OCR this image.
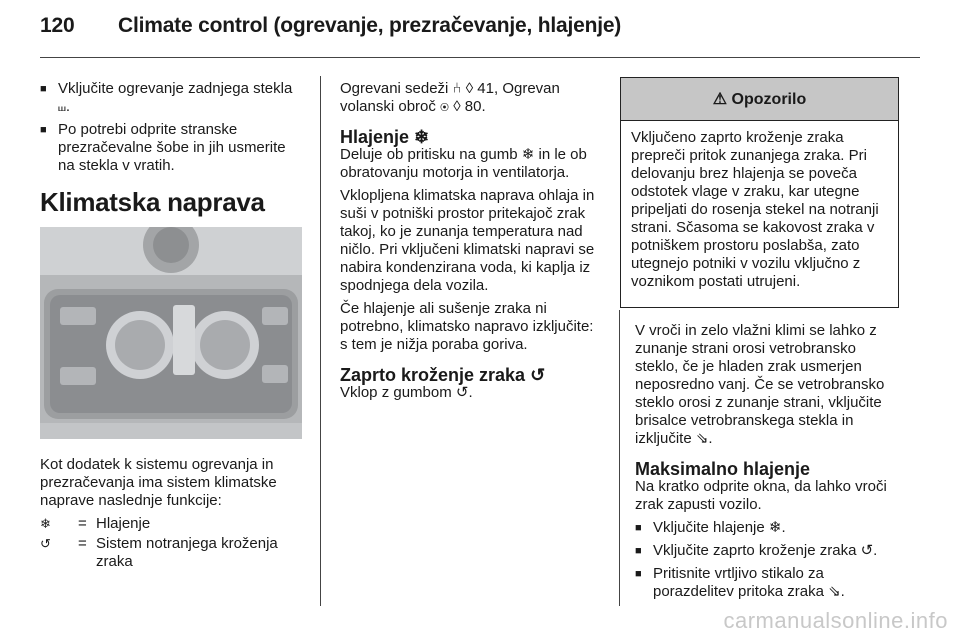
120 Climate control (ogrevanje, prezračevanje, hlajenje)
■ Vključite ogrevanje zadnjega stekla ⧢.
■ Po potrebi odprite stranske prezračevalne šobe in jih usmerite na stekla v vratih.
Klimatska naprava

Kot dodatek k sistemu ogrevanja in prezračevanja ima sistem klimatske naprave naslednje funkcije:

❄	= Hlajenje
↺	= Sistem notranjega kroženja zraka

Ogrevani sedeži ⑃ ◊ 41, Ogrevan volanski obroč ◉ ◊ 80.

Hlajenje ❄

Deluje ob pritisku na gumb ❄ in le ob obratovanju motorja in ventilatorja.

Vklopljena klimatska naprava ohlaja in suši v potniški prostor pritekajoč zrak takoj, ko je zunanja temperatura nad ničlo. Pri vključeni klimatski napravi se nabira kondenzirana voda, ki kaplja iz spodnjega dela vozila.

Če hlajenje ali sušenje zraka ni potrebno, klimatsko napravo izključite: s tem je nižja poraba goriva.

Zaprto kroženje zraka ↺

Vklop z gumbom ↺.

⚠ Opozorilo
Vključeno zaprto kroženje zraka prepreči pritok zunanjega zraka. Pri delovanju brez hlajenja se poveča odstotek vlage v zraku, kar utegne pripeljati do rosenja stekel na notranji strani. Sčasoma se kakovost zraka v potniškem prostoru poslabša, zato utegnejo potniki v vozilu vključno z voznikom postati utrujeni.

V vroči in zelo vlažni klimi se lahko z zunanje strani orosi vetrobransko steklo, če je hladen zrak usmerjen neposredno vanj. Če se vetrobransko steklo orosi z zunanje strani, vključite brisalce vetrobranskega stekla in izključite ⇘.

Maksimalno hlajenje

Na kratko odprite okna, da lahko vroči zrak zapusti vozilo.

■ Vključite hlajenje ❄.
■ Vključite zaprto kroženje zraka ↺.
■ Pritisnite vrtljivo stikalo za porazdelitev pritoka zraka ⇘.
carmanualsonline.info
